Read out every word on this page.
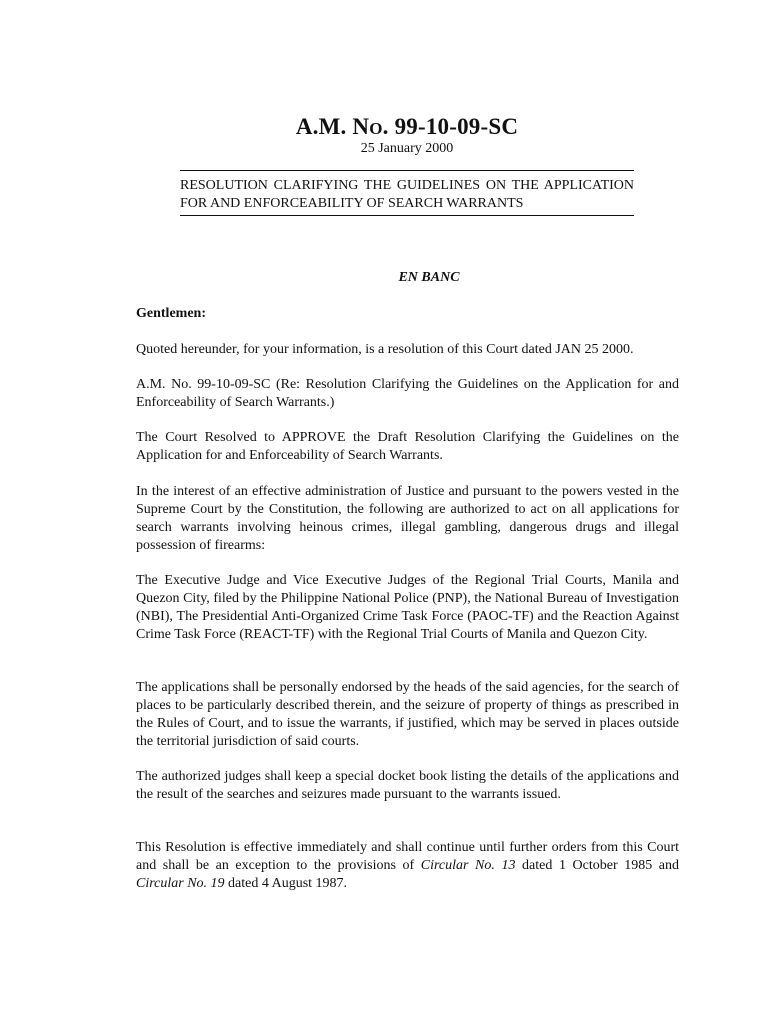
A.M. NO. 99-10-09-SC
25 January 2000
RESOLUTION CLARIFYING THE GUIDELINES ON THE APPLICATION FOR AND ENFORCEABILITY OF SEARCH WARRANTS
EN BANC
Gentlemen:

Quoted hereunder, for your information, is a resolution of this Court dated JAN 25 2000.

A.M. No. 99-10-09-SC (Re: Resolution Clarifying the Guidelines on the Application for and Enforceability of Search Warrants.)

The Court Resolved to APPROVE the Draft Resolution Clarifying the Guidelines on the Application for and Enforceability of Search Warrants.

In the interest of an effective administration of Justice and pursuant to the powers vested in the Supreme Court by the Constitution, the following are authorized to act on all applications for search warrants involving heinous crimes, illegal gambling, dangerous drugs and illegal possession of firearms:

The Executive Judge and Vice Executive Judges of the Regional Trial Courts, Manila and Quezon City, filed by the Philippine National Police (PNP), the National Bureau of Investigation (NBI), The Presidential Anti-Organized Crime Task Force (PAOC-TF) and the Reaction Against Crime Task Force (REACT-TF) with the Regional Trial Courts of Manila and Quezon City.

The applications shall be personally endorsed by the heads of the said agencies, for the search of places to be particularly described therein, and the seizure of property of things as prescribed in the Rules of Court, and to issue the warrants, if justified, which may be served in places outside the territorial jurisdiction of said courts.

The authorized judges shall keep a special docket book listing the details of the applications and the result of the searches and seizures made pursuant to the warrants issued.

This Resolution is effective immediately and shall continue until further orders from this Court and shall be an exception to the provisions of Circular No. 13 dated 1 October 1985 and Circular No. 19 dated 4 August 1987.
